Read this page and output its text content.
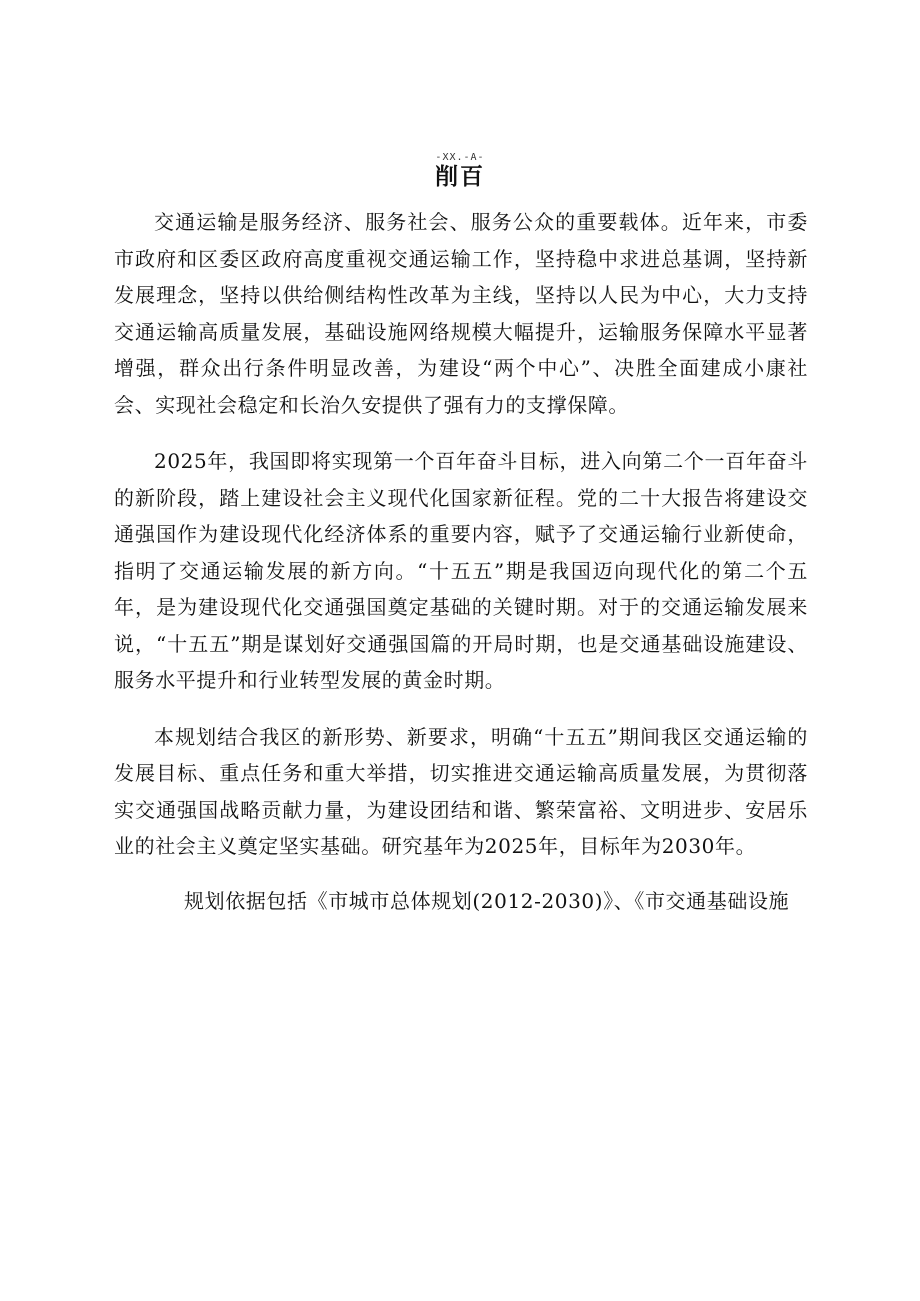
-XX.-A-
削百

交通运输是服务经济、服务社会、服务公众的重要载体。近年来，市委市政府和区委区政府高度重视交通运输工作，坚持稳中求进总基调，坚持新发展理念，坚持以供给侧结构性改革为主线，坚持以人民为中心，大力支持交通运输高质量发展，基础设施网络规模大幅提升，运输服务保障水平显著增强，群众出行条件明显改善，为建设“两个中心”、决胜全面建成小康社会、实现社会稳定和长治久安提供了强有力的支撑保障。

2025年，我国即将实现第一个百年奋斗目标，进入向第二个一百年奋斗的新阶段，踏上建设社会主义现代化国家新征程。党的二十大报告将建设交通强国作为建设现代化经济体系的重要内容，赋予了交通运输行业新使命，指明了交通运输发展的新方向。“十五五”期是我国迈向现代化的第二个五年，是为建设现代化交通强国奠定基础的关键时期。对于的交通运输发展来说，“十五五”期是谋划好交通强国篇的开局时期，也是交通基础设施建设、服务水平提升和行业转型发展的黄金时期。

本规划结合我区的新形势、新要求，明确“十五五”期间我区交通运输的发展目标、重点任务和重大举措，切实推进交通运输高质量发展，为贯彻落实交通强国战略贡献力量，为建设团结和谐、繁荣富裕、文明进步、安居乐业的社会主义奠定坚实基础。研究基年为2025年，目标年为2030年。

规划依据包括《市城市总体规划(2012-2030)》、《市交通基础设施
